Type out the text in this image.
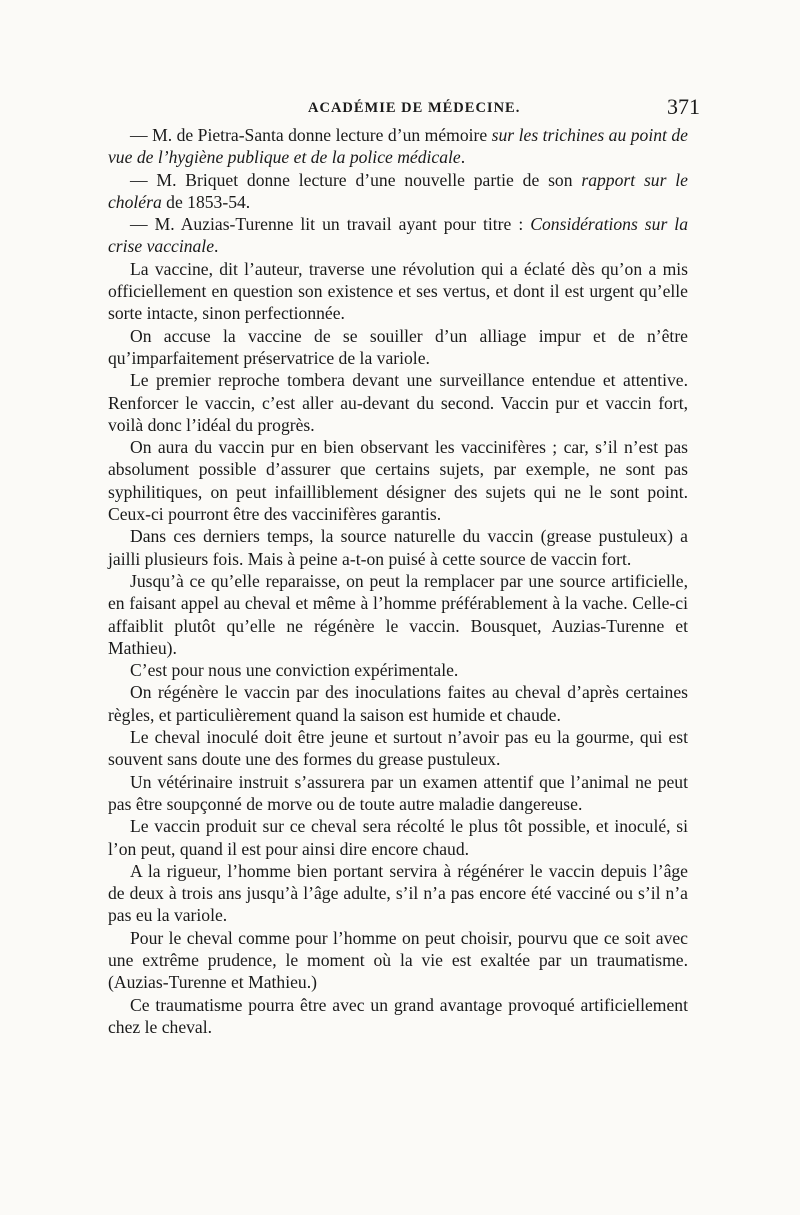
ACADÉMIE DE MÉDECINE.	371

— M. de Pietra-Santa donne lecture d’un mémoire sur les trichines au point de vue de l’hygiène publique et de la police médicale.

— M. Briquet donne lecture d’une nouvelle partie de son rapport sur le choléra de 1853-54.

— M. Auzias-Turenne lit un travail ayant pour titre : Considérations sur la crise vaccinale.

La vaccine, dit l’auteur, traverse une révolution qui a éclaté dès qu’on a mis officiellement en question son existence et ses vertus, et dont il est urgent qu’elle sorte intacte, sinon perfectionnée.

On accuse la vaccine de se souiller d’un alliage impur et de n’être qu’imparfaitement préservatrice de la variole.

Le premier reproche tombera devant une surveillance entendue et attentive. Renforcer le vaccin, c’est aller au-devant du second. Vaccin pur et vaccin fort, voilà donc l’idéal du progrès.

On aura du vaccin pur en bien observant les vaccinifères ; car, s’il n’est pas absolument possible d’assurer que certains sujets, par exemple, ne sont pas syphilitiques, on peut infailliblement désigner des sujets qui ne le sont point. Ceux-ci pourront être des vaccinifères garantis.

Dans ces derniers temps, la source naturelle du vaccin (grease pustuleux) a jailli plusieurs fois. Mais à peine a-t-on puisé à cette source de vaccin fort.

Jusqu’à ce qu’elle reparaisse, on peut la remplacer par une source artificielle, en faisant appel au cheval et même à l’homme préférablement à la vache. Celle-ci affaiblit plutôt qu’elle ne régénère le vaccin. Bousquet, Auzias-Turenne et Mathieu).

C’est pour nous une conviction expérimentale.

On régénère le vaccin par des inoculations faites au cheval d’après certaines règles, et particulièrement quand la saison est humide et chaude.

Le cheval inoculé doit être jeune et surtout n’avoir pas eu la gourme, qui est souvent sans doute une des formes du grease pustuleux.

Un vétérinaire instruit s’assurera par un examen attentif que l’animal ne peut pas être soupçonné de morve ou de toute autre maladie dangereuse.

Le vaccin produit sur ce cheval sera récolté le plus tôt possible, et inoculé, si l’on peut, quand il est pour ainsi dire encore chaud.

A la rigueur, l’homme bien portant servira à régénérer le vaccin depuis l’âge de deux à trois ans jusqu’à l’âge adulte, s’il n’a pas encore été vacciné ou s’il n’a pas eu la variole.

Pour le cheval comme pour l’homme on peut choisir, pourvu que ce soit avec une extrême prudence, le moment où la vie est exaltée par un traumatisme. (Auzias-Turenne et Mathieu.)

Ce traumatisme pourra être avec un grand avantage provoqué artificiellement chez le cheval.
